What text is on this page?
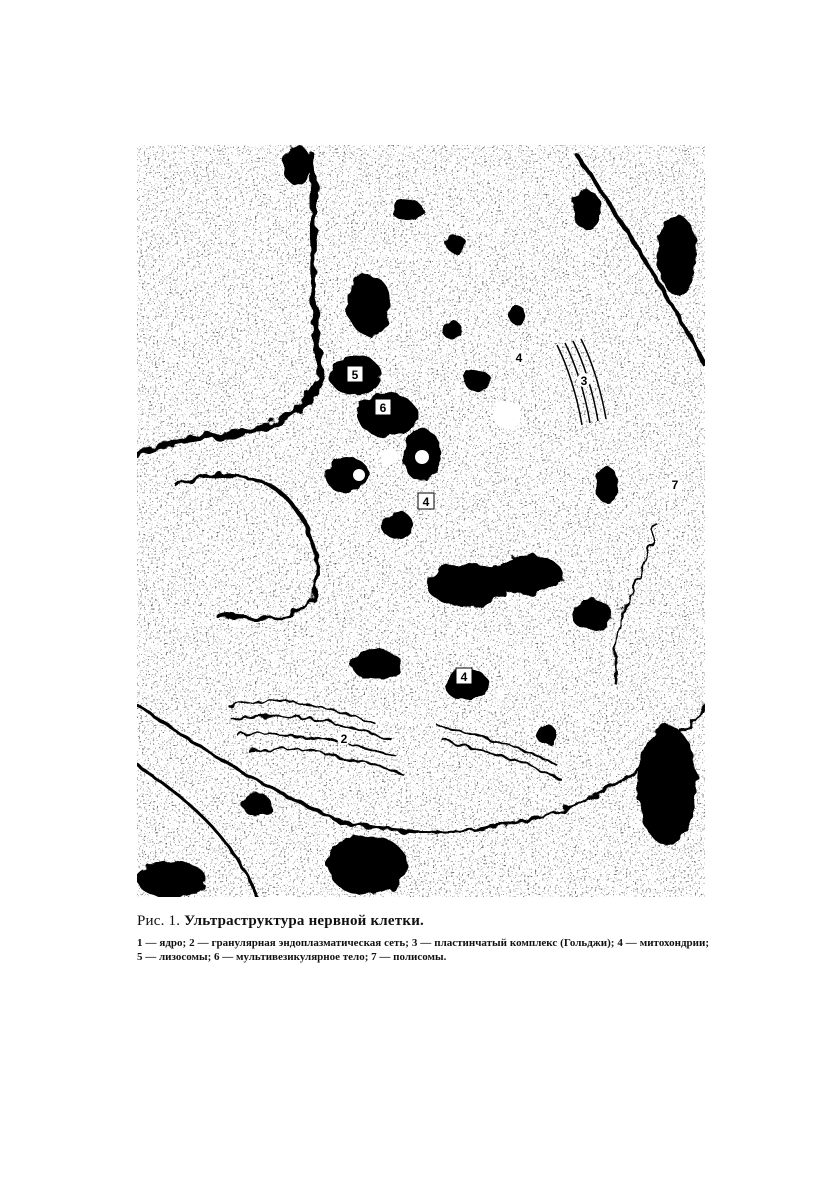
5
6
4
4
3
7
4
2

Рис. 1. Ультраструктура нервной клетки.

1 — ядро; 2 — гранулярная эндоплазматическая сеть; 3 — пластинчатый комплекс (Гольджи); 4 — митохондрии; 5 — лизосомы; 6 — мультивезикулярное тело; 7 — полисомы.
